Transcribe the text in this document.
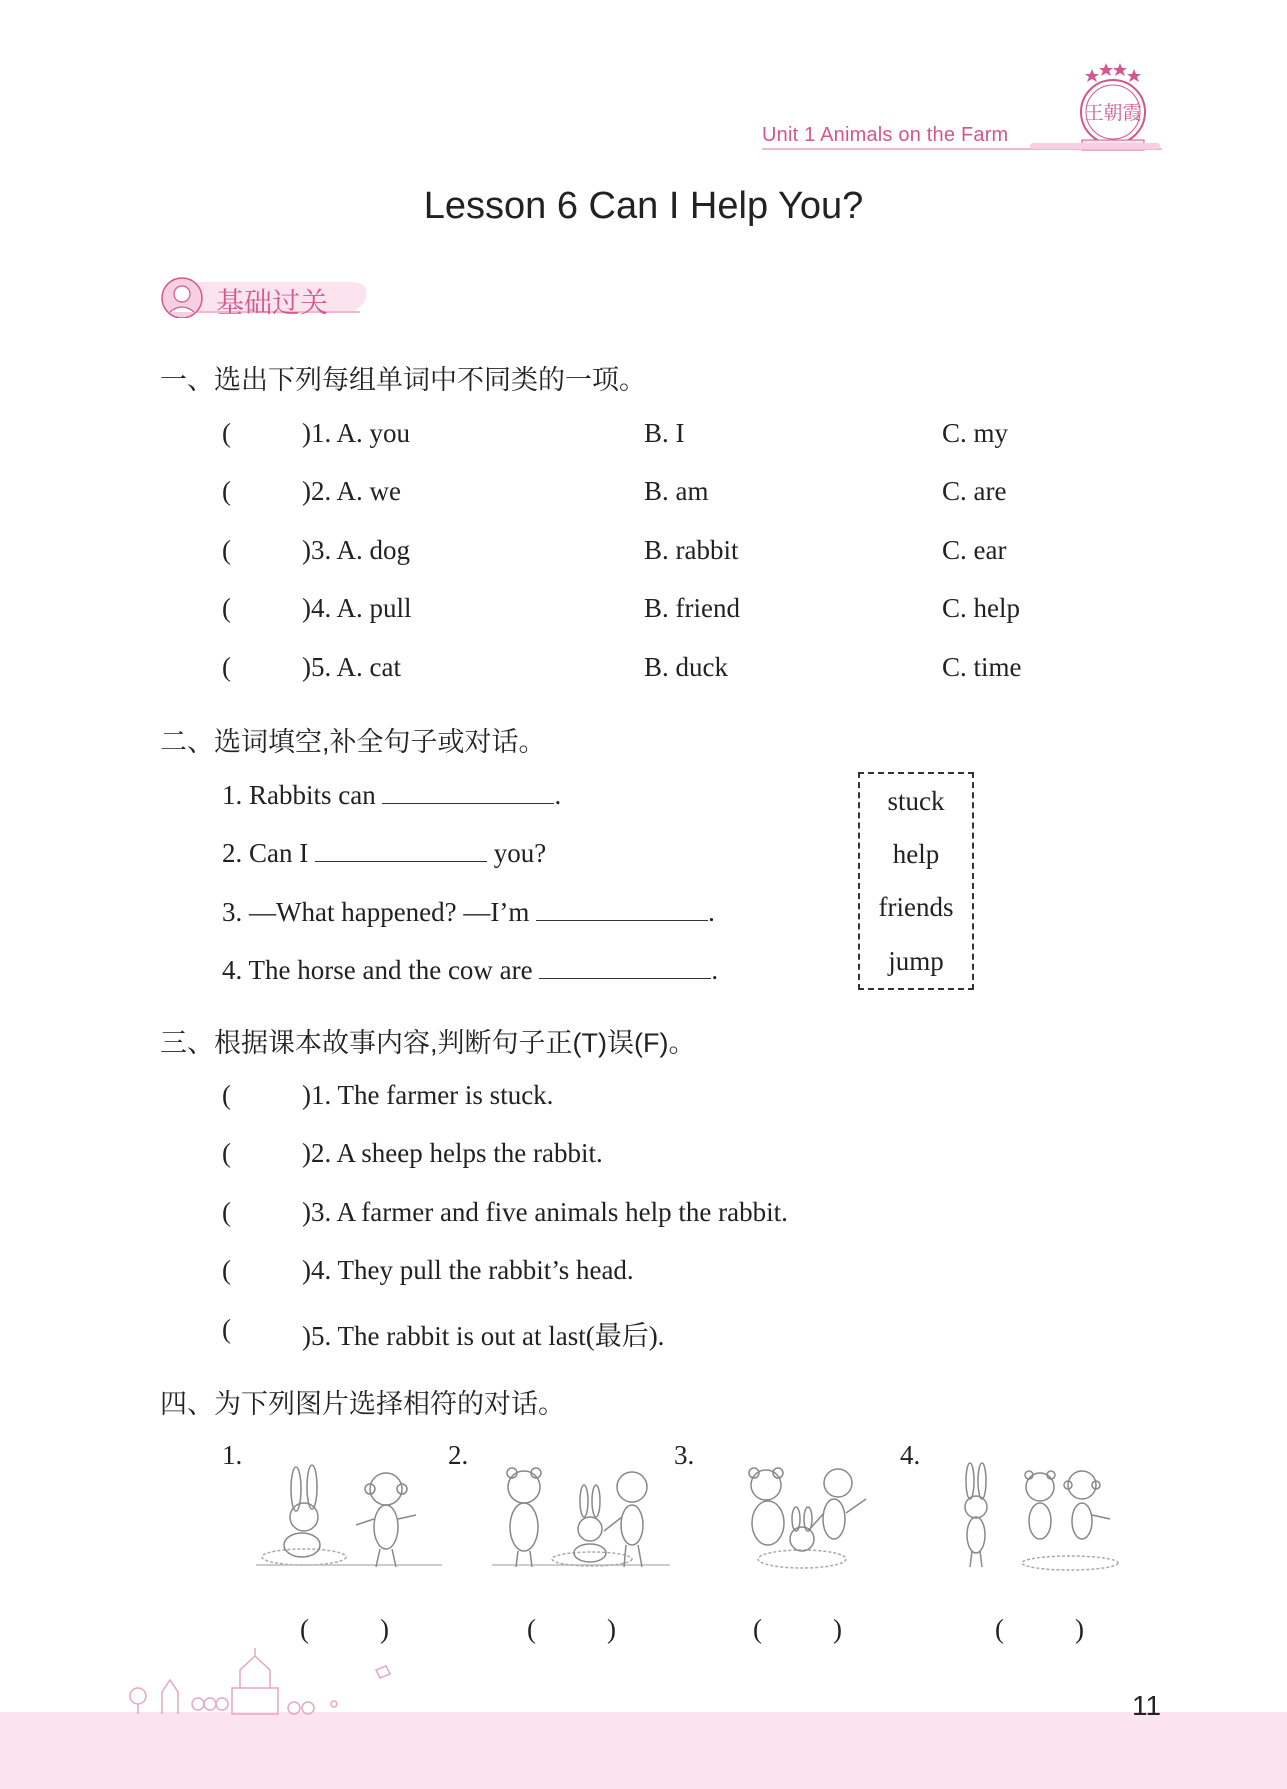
王朝霞
Unit 1 Animals on the Farm
Lesson 6 Can I Help You?
基础过关
一、选出下列每组单词中不同类的一项。
(	)1. A. you	B. I	C. my
(	)2. A. we	B. am	C. are
(	)3. A. dog	B. rabbit	C. ear
(	)4. A. pull	B. friend	C. help
(	)5. A. cat	B. duck	C. time
二、选词填空,补全句子或对话。
1. Rabbits can	.
2. Can I	you?
3. —What happened? —I’m	.
4. The horse and the cow are	.
stuck
help
friends
jump
三、根据课本故事内容,判断句子正(T)误(F)。
(	)1. The farmer is stuck.
(	)2. A sheep helps the rabbit.
(	)3. A farmer and five animals help the rabbit.
(	)4. They pull the rabbit’s head.
(	)5. The rabbit is out at last(最后).
四、为下列图片选择相符的对话。
1.
(	)
2.
(	)
3.
(	)
4.
(	)
11
